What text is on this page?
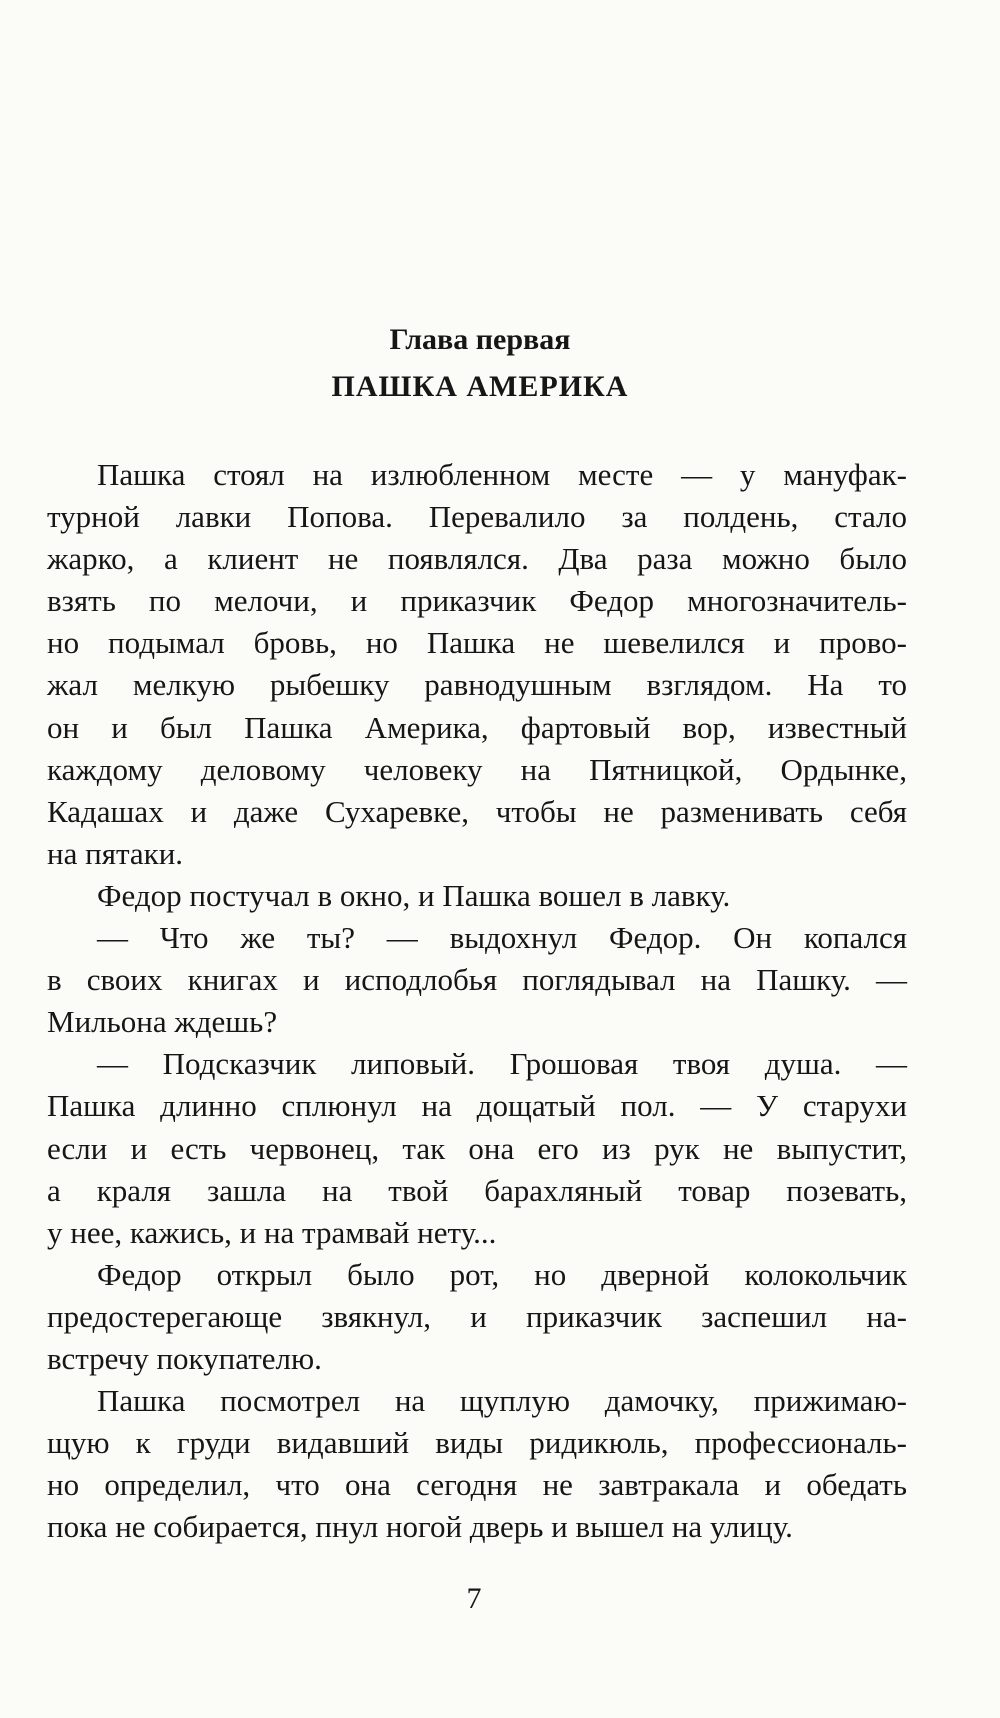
Глава первая
ПАШКА АМЕРИКА
Пашка стоял на излюбленном месте — у мануфак-
турной лавки Попова. Перевалило за полдень, стало
жарко, а клиент не появлялся. Два раза можно было
взять по мелочи, и приказчик Федор многозначитель-
но подымал бровь, но Пашка не шевелился и прово-
жал мелкую рыбешку равнодушным взглядом. На то
он и был Пашка Америка, фартовый вор, известный
каждому деловому человеку на Пятницкой, Ордынке,
Кадашах и даже Сухаревке, чтобы не разменивать себя
на пятаки.
Федор постучал в окно, и Пашка вошел в лавку.
— Что же ты? — выдохнул Федор. Он копался
в своих книгах и исподлобья поглядывал на Пашку. —
Мильона ждешь?
— Подсказчик липовый. Грошовая твоя душа. —
Пашка длинно сплюнул на дощатый пол. — У старухи
если и есть червонец, так она его из рук не выпустит,
а краля зашла на твой барахляный товар позевать,
у нее, кажись, и на трамвай нету...
Федор открыл было рот, но дверной колокольчик
предостерегающе звякнул, и приказчик заспешил на-
встречу покупателю.
Пашка посмотрел на щуплую дамочку, прижимаю-
щую к груди видавший виды ридикюль, профессиональ-
но определил, что она сегодня не завтракала и обедать
пока не собирается, пнул ногой дверь и вышел на улицу.
7
